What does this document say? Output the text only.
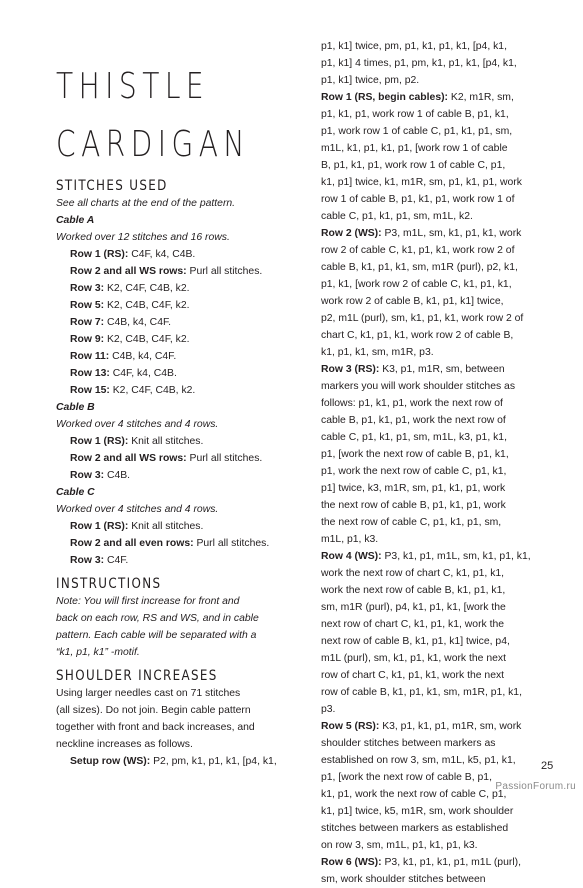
THISTLE
CARDIGAN
STITCHES USED

See all charts at the end of the pattern.

Cable A

Worked over 12 stitches and 16 rows.

Row 1 (RS): C4F, k4, C4B.

Row 2 and all WS rows: Purl all stitches.

Row 3: K2, C4F, C4B, k2.

Row 5: K2, C4B, C4F, k2.

Row 7: C4B, k4, C4F.

Row 9: K2, C4B, C4F, k2.

Row 11: C4B, k4, C4F.

Row 13: C4F, k4, C4B.

Row 15: K2, C4F, C4B, k2.

Cable B

Worked over 4 stitches and 4 rows.

Row 1 (RS): Knit all stitches.

Row 2 and all WS rows: Purl all stitches.

Row 3: C4B.

Cable C

Worked over 4 stitches and 4 rows.

Row 1 (RS): Knit all stitches.

Row 2 and all even rows: Purl all stitches.

Row 3: C4F.

INSTRUCTIONS

Note: You will first increase for front and

back on each row, RS and WS, and in cable

pattern. Each cable will be separated with a

“k1, p1, k1” -motif.

SHOULDER INCREASES

Using larger needles cast on 71 stitches

(all sizes). Do not join. Begin cable pattern

together with front and back increases, and

neckline increases as follows.

Setup row (WS): P2, pm, k1, p1, k1, [p4, k1,

p1, k1] twice, pm, p1, k1, p1, k1, [p4, k1,

p1, k1] 4 times, p1, pm, k1, p1, k1, [p4, k1,

p1, k1] twice, pm, p2.

Row 1 (RS, begin cables): K2, m1R, sm,

p1, k1, p1, work row 1 of cable B, p1, k1,

p1, work row 1 of cable C, p1, k1, p1, sm,

m1L, k1, p1, k1, p1, [work row 1 of cable

B, p1, k1, p1, work row 1 of cable C, p1,

k1, p1] twice, k1, m1R, sm, p1, k1, p1, work

row 1 of cable B, p1, k1, p1, work row 1 of

cable C, p1, k1, p1, sm, m1L, k2.

Row 2 (WS): P3, m1L, sm, k1, p1, k1, work

row 2 of cable C, k1, p1, k1, work row 2 of

cable B, k1, p1, k1, sm, m1R (purl), p2, k1,

p1, k1, [work row 2 of cable C, k1, p1, k1,

work row 2 of cable B, k1, p1, k1] twice,

p2, m1L (purl), sm, k1, p1, k1, work row 2 of

chart C, k1, p1, k1, work row 2 of cable B,

k1, p1, k1, sm, m1R, p3.

Row 3 (RS): K3, p1, m1R, sm, between

markers you will work shoulder stitches as

follows: p1, k1, p1, work the next row of

cable B, p1, k1, p1, work the next row of

cable C, p1, k1, p1, sm, m1L, k3, p1, k1,

p1, [work the next row of cable B, p1, k1,

p1, work the next row of cable C, p1, k1,

p1] twice, k3, m1R, sm, p1, k1, p1, work

the next row of cable B, p1, k1, p1, work

the next row of cable C, p1, k1, p1, sm,

m1L, p1, k3.

Row 4 (WS): P3, k1, p1, m1L, sm, k1, p1, k1,

work the next row of chart C, k1, p1, k1,

work the next row of cable B, k1, p1, k1,

sm, m1R (purl), p4, k1, p1, k1, [work the

next row of chart C, k1, p1, k1, work the

next row of cable B, k1, p1, k1] twice, p4,

m1L (purl), sm, k1, p1, k1, work the next

row of chart C, k1, p1, k1, work the next

row of cable B, k1, p1, k1, sm, m1R, p1, k1,

p3.

Row 5 (RS): K3, p1, k1, p1, m1R, sm, work

shoulder stitches between markers as

established on row 3, sm, m1L, k5, p1, k1,

p1, [work the next row of cable B, p1,

k1, p1, work the next row of cable C, p1,

k1, p1] twice, k5, m1R, sm, work shoulder

stitches between markers as established

on row 3, sm, m1L, p1, k1, p1, k3.

Row 6 (WS): P3, k1, p1, k1, p1, m1L (purl),

sm, work shoulder stitches between

25
PassionForum.ru
